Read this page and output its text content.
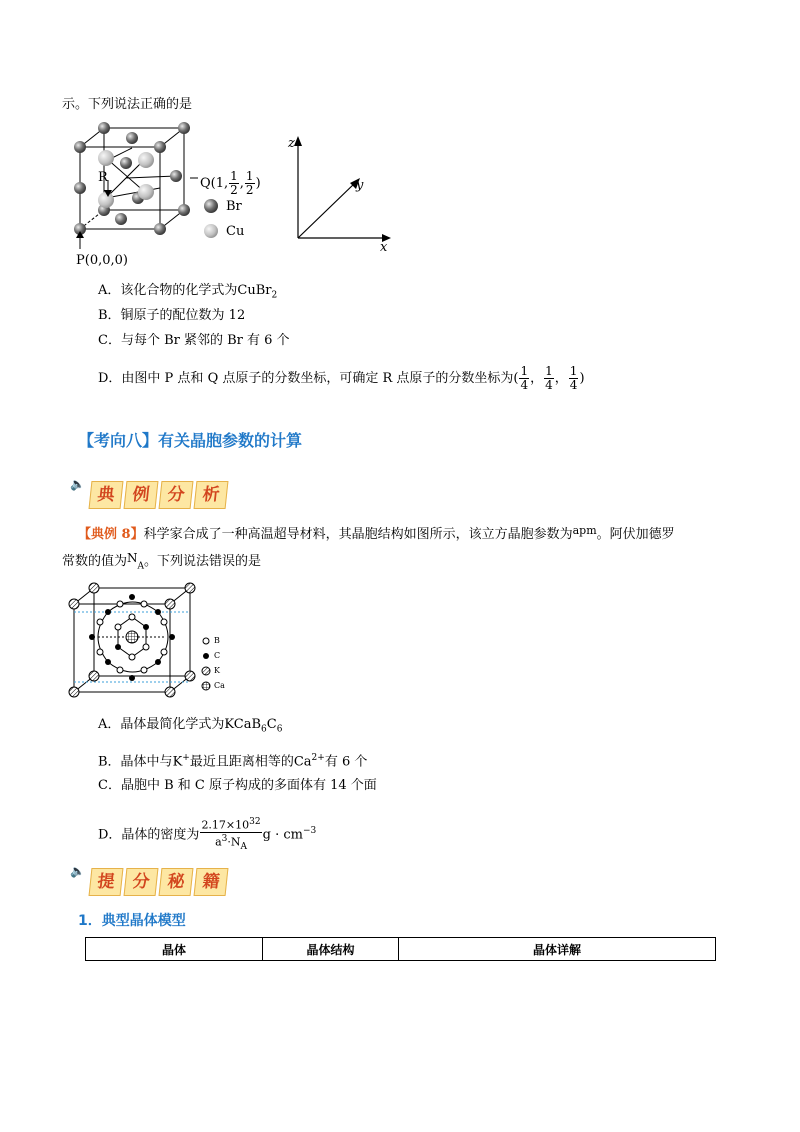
示。下列说法正确的是
R	Q(1, $\frac{1}{2}$ , $\frac{1}{2}$ )
Br
Cu
P(0,0,0)
z
y
x
A．该化合物的化学式为CuBr$_2$
B．铜原子的配位数为 12
C．与每个 Br 紧邻的 Br 有 6 个
D．由图中 P 点和 Q 点原子的分数坐标，可确定 R 点原子的分数坐标为( $\frac{1}{4}$ ， $\frac{1}{4}$ ， $\frac{1}{4}$ )
【考向八】有关晶胞参数的计算
🔈
典 例 分 析
【典例 8】科学家合成了一种高温超导材料，其晶胞结构如图所示，该立方晶胞参数为$^{apm}$。阿伏加德罗
常数的值为$N_A$。下列说法错误的是
B
C
K
Ca
A．晶体最简化学式为$KCaB_6C_6$
B．晶体中与K+最近且距离相等的$Ca^{2+}$有 6 个
C．晶胞中 B 和 C 原子构成的多面体有 14 个面
D．晶体的密度为 $\frac{2.17\times 10^{32}}{a^3\cdot N_A}$ $g \cdot cm^{-3}$
🔈
提 分 秘 籍
1．典型晶体模型
晶体	晶体结构	晶体详解
